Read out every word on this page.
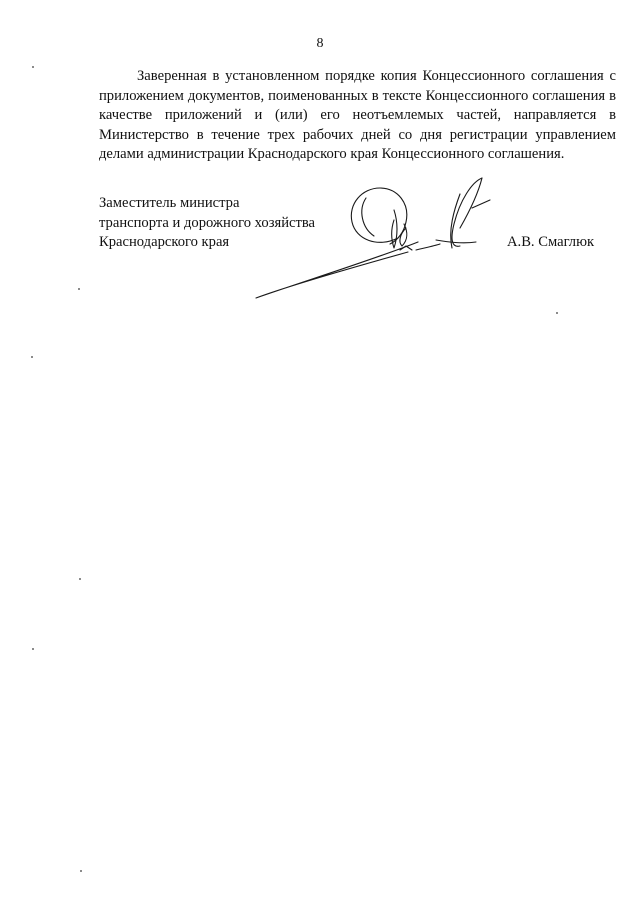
8

Заверенная в установленном порядке копия Концессионного соглашения с приложением документов, поименованных в тексте Концессионного соглашения в качестве приложений и (или) его неотъемлемых частей, направляется в Министерство в течение трех рабочих дней со дня регистрации управлением делами администрации Краснодарского края Концессионного соглашения.

Заместитель министра
транспорта и дорожного хозяйства
Краснодарского края	А.В. Смаглюк
